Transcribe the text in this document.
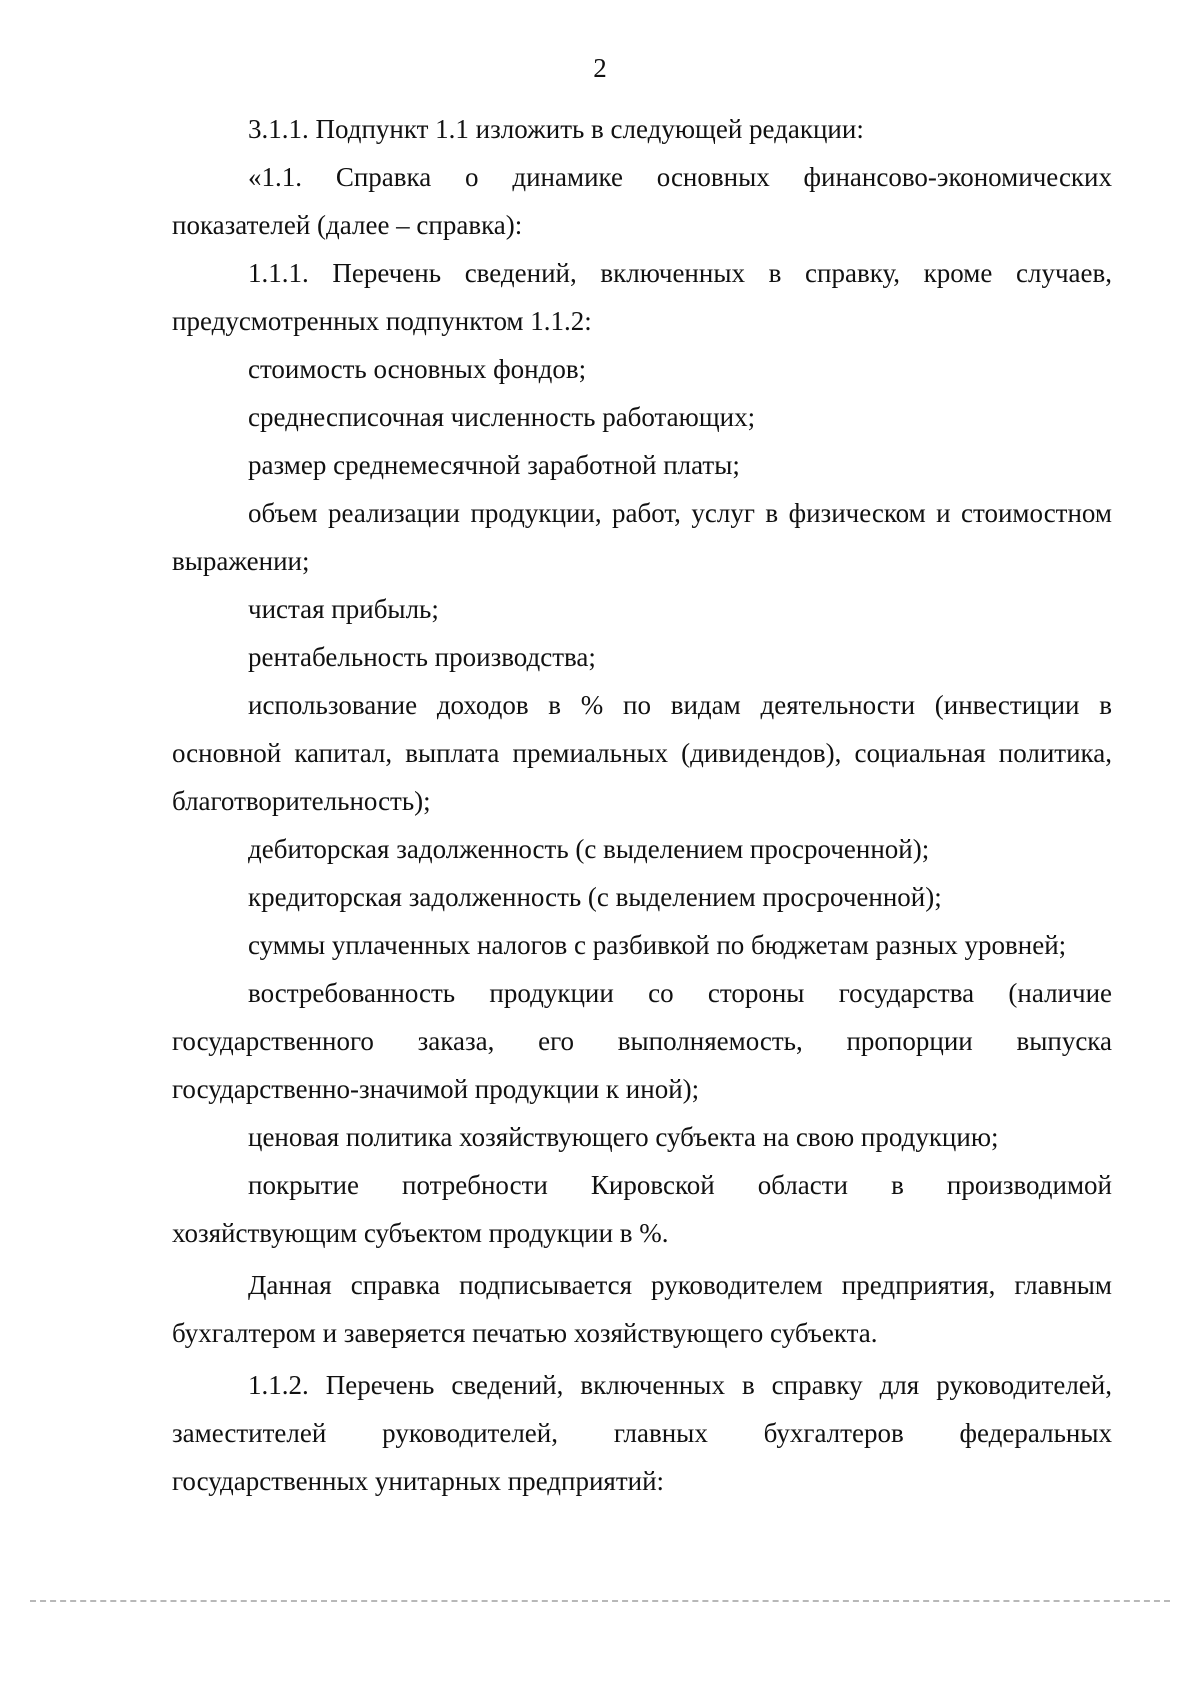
2

3.1.1. Подпункт 1.1 изложить в следующей редакции:

«1.1. Справка о динамике основных финансово-экономических показателей (далее – справка):

1.1.1. Перечень сведений, включенных в справку, кроме случаев, предусмотренных подпунктом 1.1.2:

стоимость основных фондов;

среднесписочная численность работающих;

размер среднемесячной заработной платы;

объем реализации продукции, работ, услуг в физическом и стоимостном выражении;

чистая прибыль;

рентабельность производства;

использование доходов в % по видам деятельности (инвестиции в основной капитал, выплата премиальных (дивидендов), социальная политика, благотворительность);

дебиторская задолженность (с выделением просроченной);

кредиторская задолженность (с выделением просроченной);

суммы уплаченных налогов с разбивкой по бюджетам разных уровней;

востребованность продукции со стороны государства (наличие государственного заказа, его выполняемость, пропорции выпуска государственно-значимой продукции к иной);

ценовая политика хозяйствующего субъекта на свою продукцию;

покрытие потребности Кировской области в производимой хозяйствующим субъектом продукции в %.

Данная справка подписывается руководителем предприятия, главным бухгалтером и заверяется печатью хозяйствующего субъекта.

1.1.2. Перечень сведений, включенных в справку для руководителей, заместителей руководителей, главных бухгалтеров федеральных государственных унитарных предприятий:
